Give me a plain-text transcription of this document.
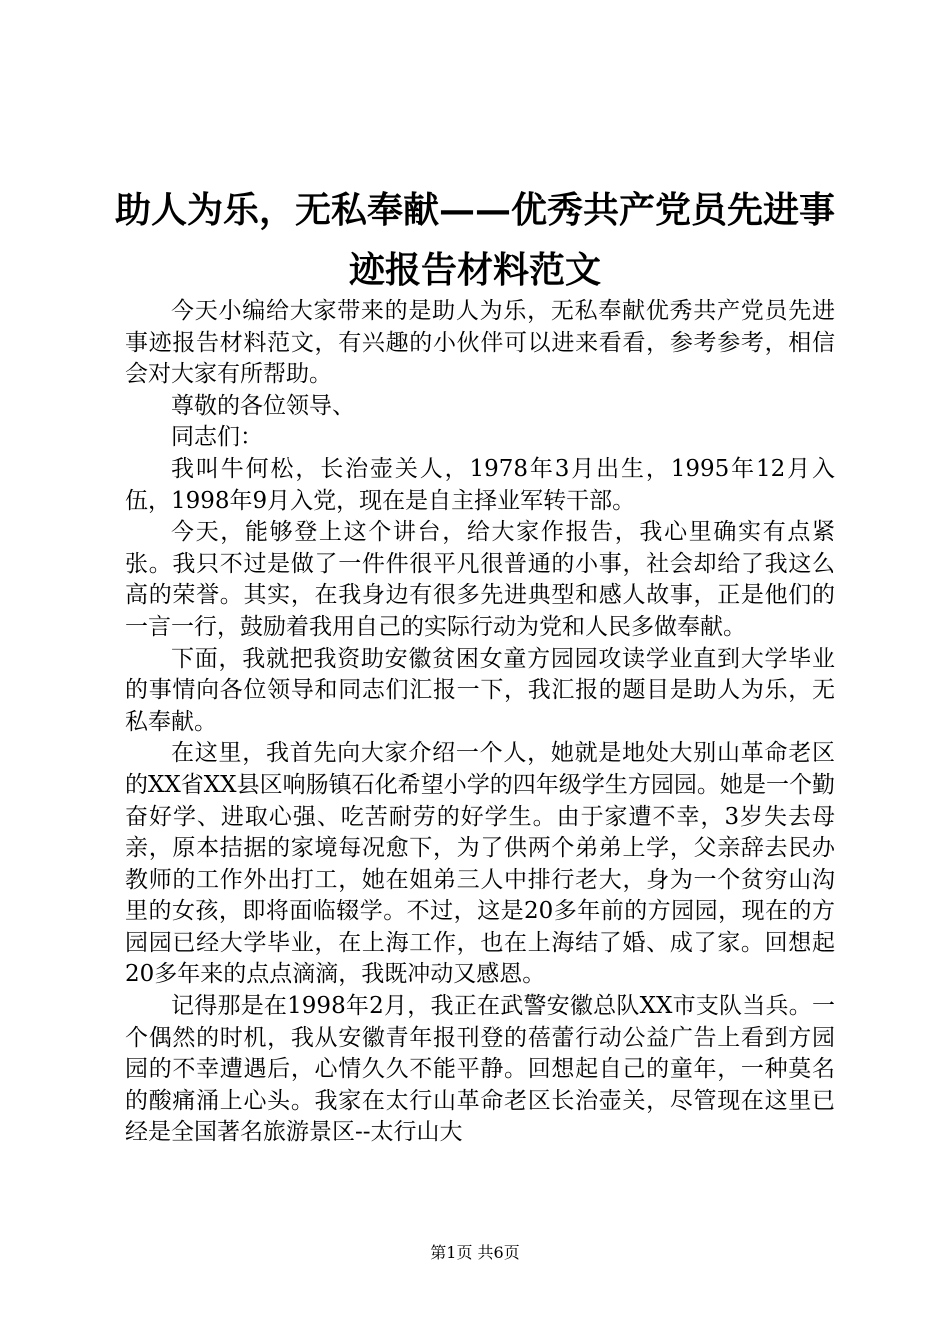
助人为乐，无私奉献——优秀共产党员先进事
迹报告材料范文

今天小编给大家带来的是助人为乐，无私奉献优秀共产党员先进事迹报告材料范文，有兴趣的小伙伴可以进来看看，参考参考，相信会对大家有所帮助。

尊敬的各位领导、

同志们：

我叫牛何松，长治壶关人，1978年3月出生，1995年12月入伍，1998年9月入党，现在是自主择业军转干部。

今天，能够登上这个讲台，给大家作报告，我心里确实有点紧张。我只不过是做了一件件很平凡很普通的小事，社会却给了我这么高的荣誉。其实，在我身边有很多先进典型和感人故事，正是他们的一言一行，鼓励着我用自己的实际行动为党和人民多做奉献。

下面，我就把我资助安徽贫困女童方园园攻读学业直到大学毕业的事情向各位领导和同志们汇报一下，我汇报的题目是助人为乐，无私奉献。

在这里，我首先向大家介绍一个人，她就是地处大别山革命老区的XX省XX县区响肠镇石化希望小学的四年级学生方园园。她是一个勤奋好学、进取心强、吃苦耐劳的好学生。由于家遭不幸，3岁失去母亲，原本拮据的家境每况愈下，为了供两个弟弟上学，父亲辞去民办教师的工作外出打工，她在姐弟三人中排行老大，身为一个贫穷山沟里的女孩，即将面临辍学。不过，这是20多年前的方园园，现在的方园园已经大学毕业，在上海工作，也在上海结了婚、成了家。回想起20多年来的点点滴滴，我既冲动又感恩。

记得那是在1998年2月，我正在武警安徽总队XX市支队当兵。一个偶然的时机，我从安徽青年报刊登的蓓蕾行动公益广告上看到方园园的不幸遭遇后，心情久久不能平静。回想起自己的童年，一种莫名的酸痛涌上心头。我家在太行山革命老区长治壶关，尽管现在这里已经是全国著名旅游景区--太行山大

第1页 共6页
